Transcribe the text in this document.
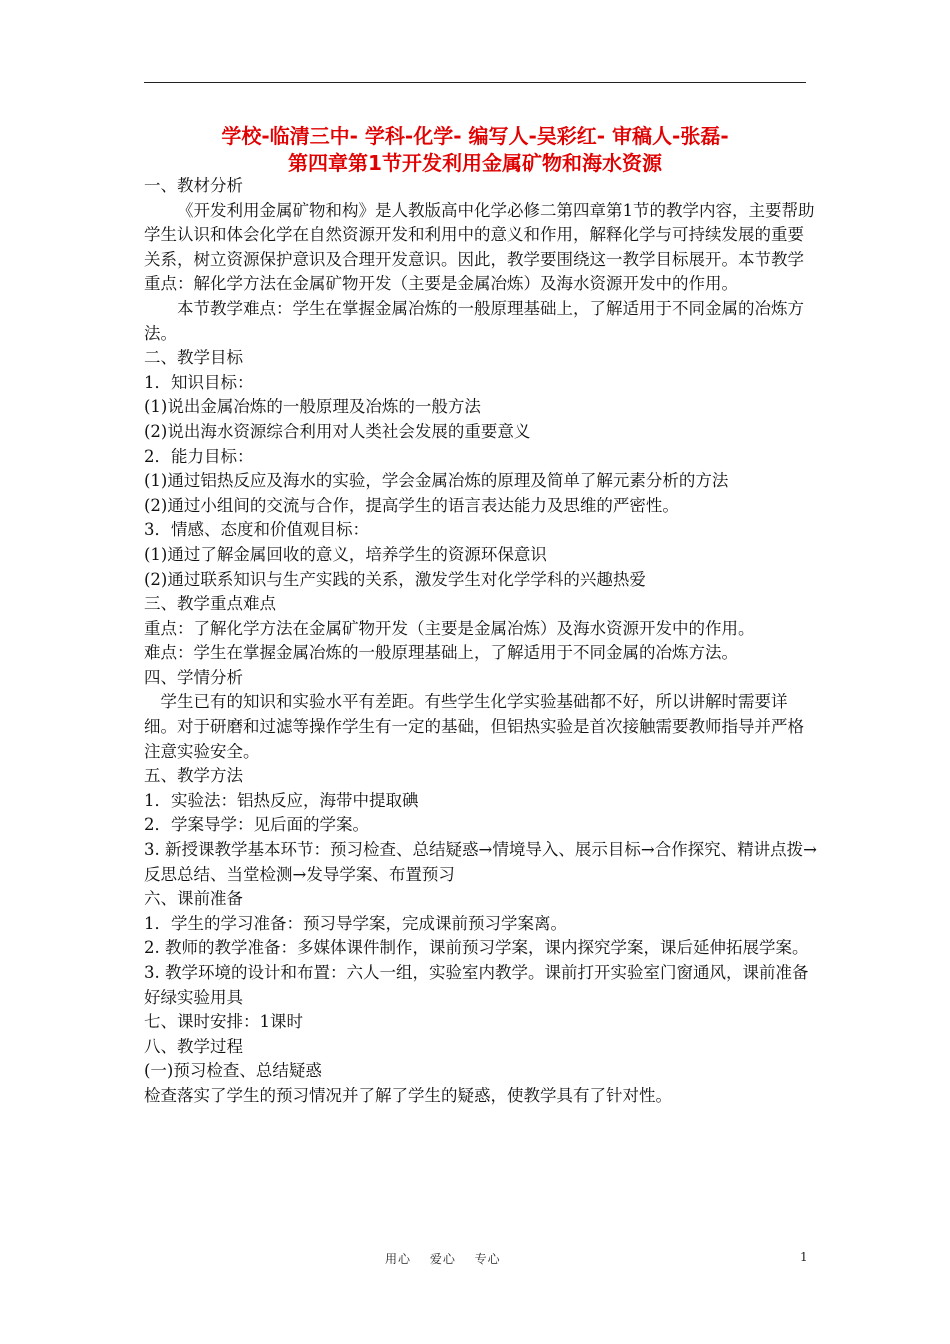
学校-临清三中- 学科-化学- 编写人-吴彩红- 审稿人-张磊-
第四章第1节开发利用金属矿物和海水资源

一、教材分析

《开发利用金属矿物和构》是人教版高中化学必修二第四章第1节的教学内容，主要帮助学生认识和体会化学在自然资源开发和利用中的意义和作用，解释化学与可持续发展的重要关系，树立资源保护意识及合理开发意识。因此，教学要围绕这一教学目标展开。本节教学重点：解化学方法在金属矿物开发（主要是金属冶炼）及海水资源开发中的作用。

本节教学难点：学生在掌握金属冶炼的一般原理基础上，了解适用于不同金属的冶炼方法。

二、教学目标

1．知识目标：

(1)说出金属冶炼的一般原理及冶炼的一般方法

(2)说出海水资源综合利用对人类社会发展的重要意义

2．能力目标：

(1)通过铝热反应及海水的实验，学会金属冶炼的原理及简单了解元素分析的方法

(2)通过小组间的交流与合作，提高学生的语言表达能力及思维的严密性。

3．情感、态度和价值观目标：

(1)通过了解金属回收的意义，培养学生的资源环保意识

(2)通过联系知识与生产实践的关系，激发学生对化学学科的兴趣热爱

三、教学重点难点

重点：了解化学方法在金属矿物开发（主要是金属冶炼）及海水资源开发中的作用。

难点：学生在掌握金属冶炼的一般原理基础上，了解适用于不同金属的冶炼方法。

四、学情分析

学生已有的知识和实验水平有差距。有些学生化学实验基础都不好，所以讲解时需要详细。对于研磨和过滤等操作学生有一定的基础，但铝热实验是首次接触需要教师指导并严格注意实验安全。

五、教学方法

1．实验法：铝热反应，海带中提取碘

2．学案导学：见后面的学案。

3. 新授课教学基本环节：预习检查、总结疑惑→情境导入、展示目标→合作探究、精讲点拨→反思总结、当堂检测→发导学案、布置预习

六、课前准备

1．学生的学习准备：预习导学案，完成课前预习学案离。

2. 教师的教学准备：多媒体课件制作，课前预习学案，课内探究学案，课后延伸拓展学案。3. 教学环境的设计和布置：六人一组，实验室内教学。课前打开实验室门窗通风，课前准备好绿实验用具

七、课时安排：1课时

八、教学过程

(一)预习检查、总结疑惑

检查落实了学生的预习情况并了解了学生的疑惑，使教学具有了针对性。

用心 爱心 专心	1
